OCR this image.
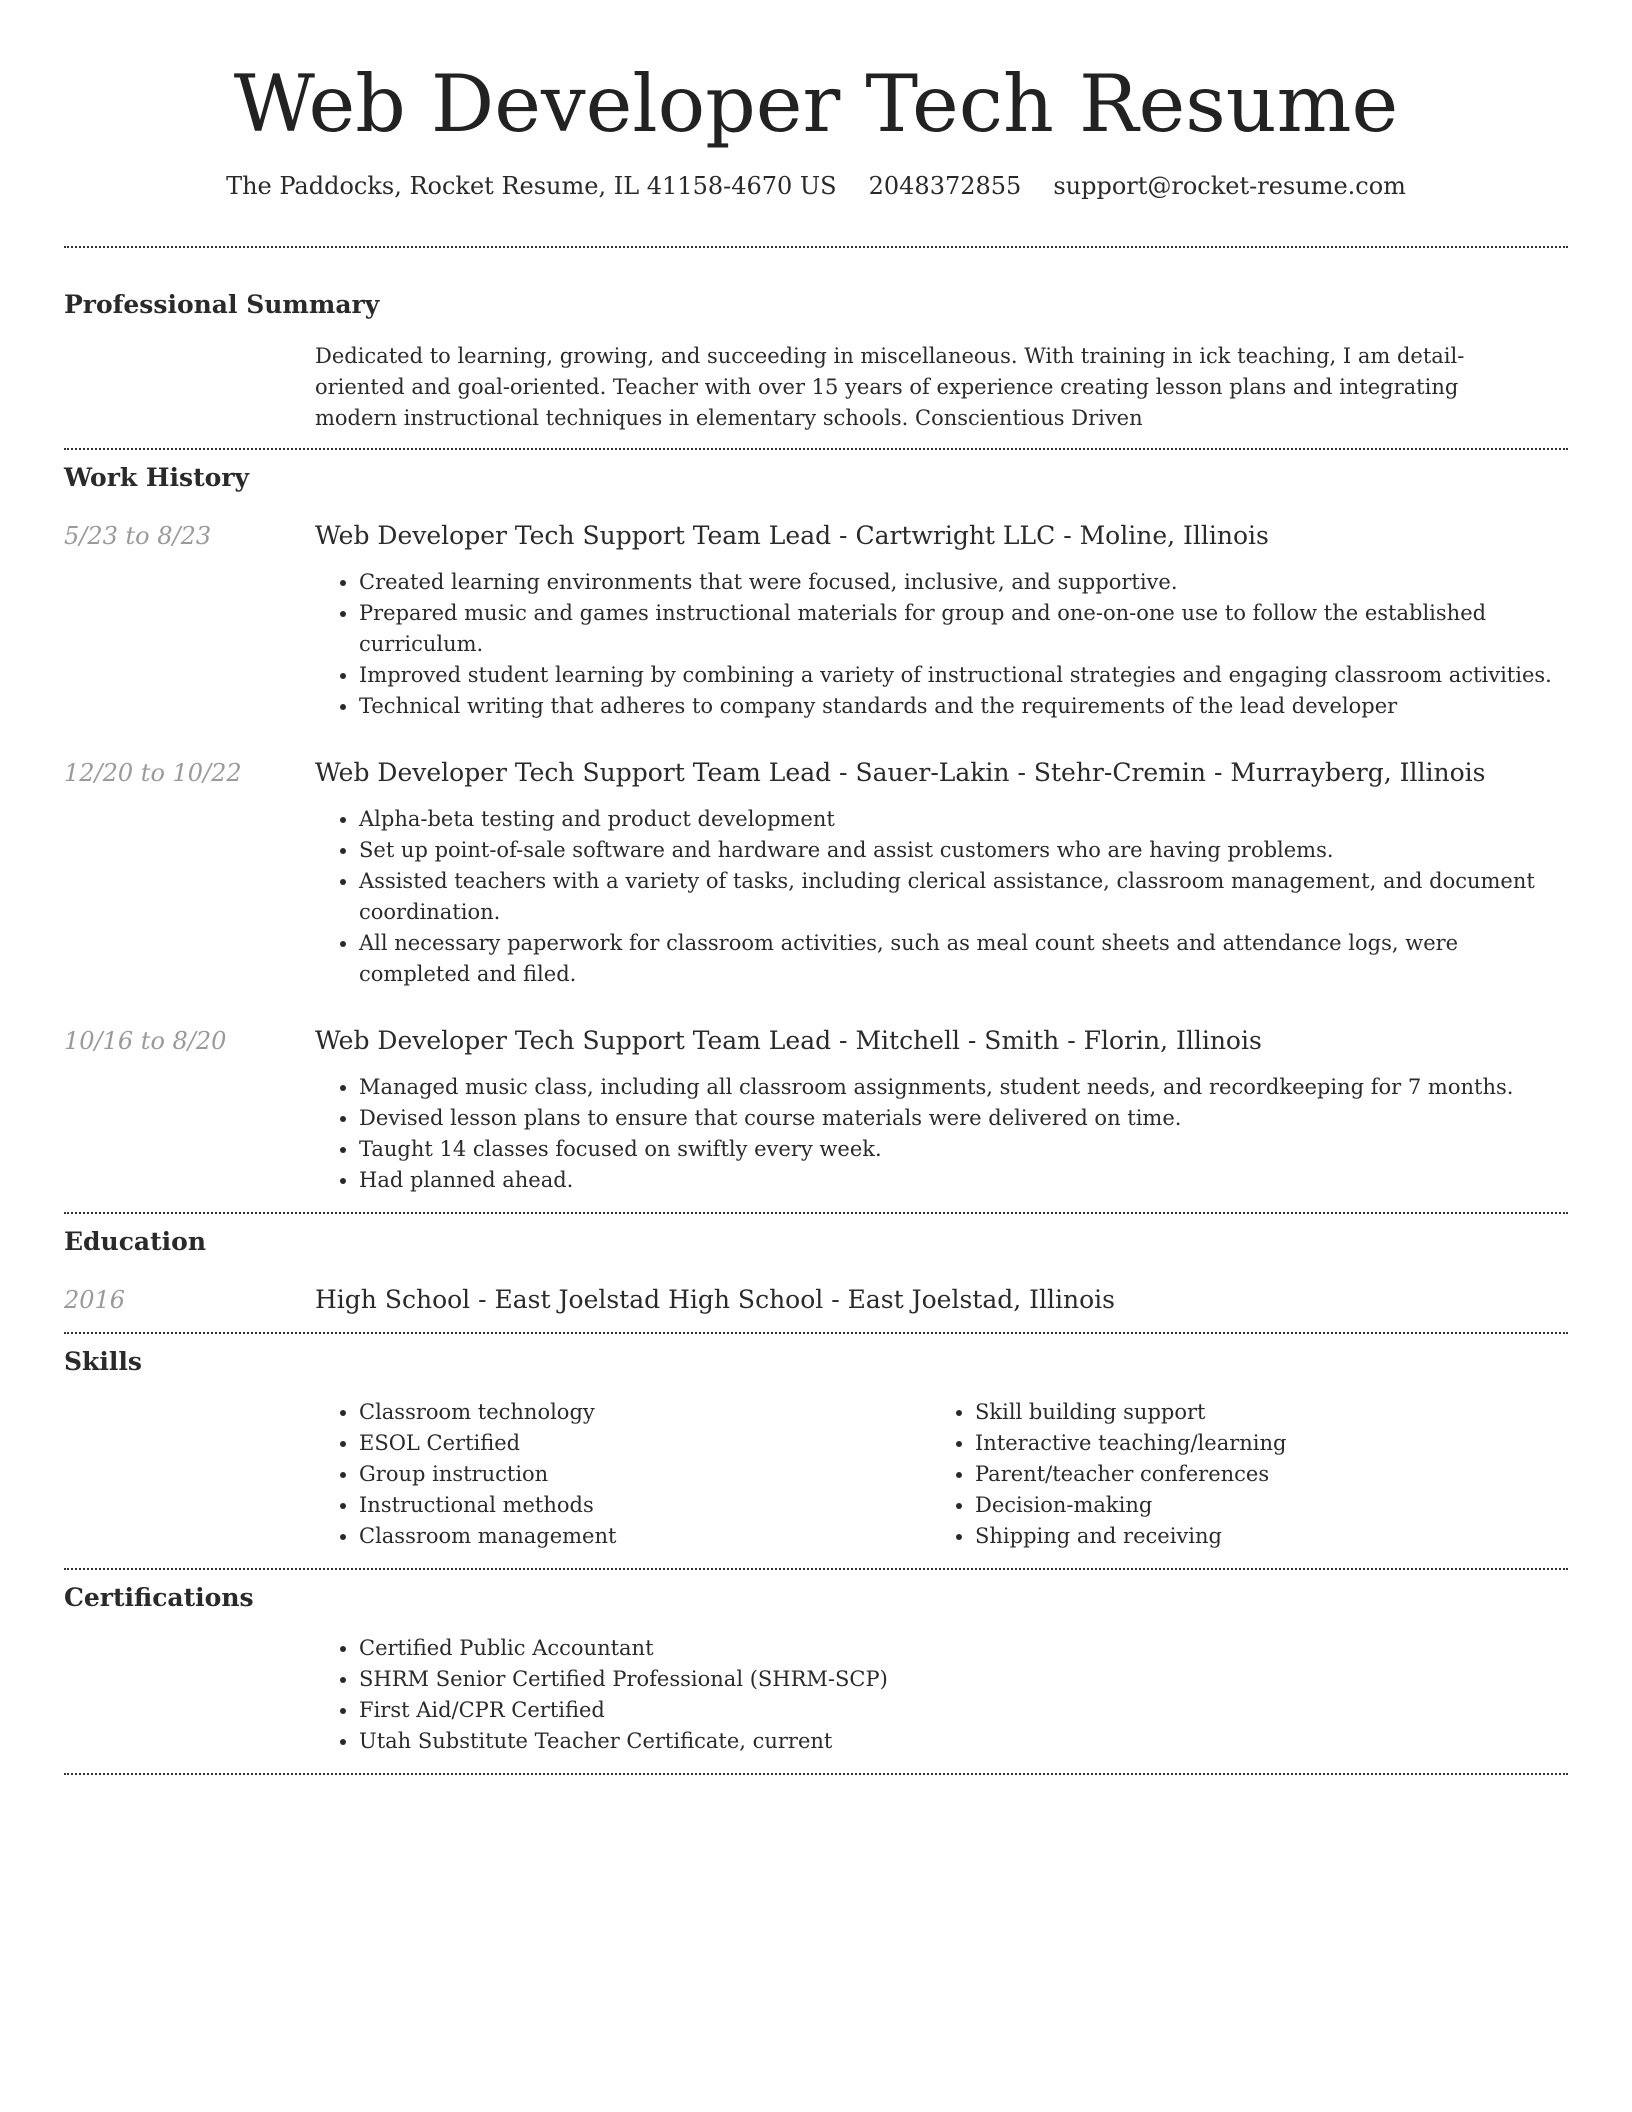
Web Developer Tech Resume
The Paddocks, Rocket Resume, IL 41158-4670 US 2048372855 support@rocket-resume.com
Professional Summary
Dedicated to learning, growing, and succeeding in miscellaneous. With training in ick teaching, I am detail-oriented and goal-oriented. Teacher with over 15 years of experience creating lesson plans and integrating modern instructional techniques in elementary schools. Conscientious Driven
Work History
5/23 to 8/23	Web Developer Tech Support Team Lead - Cartwright LLC - Moline, Illinois
• Created learning environments that were focused, inclusive, and supportive.
• Prepared music and games instructional materials for group and one-on-one use to follow the established curriculum.
• Improved student learning by combining a variety of instructional strategies and engaging classroom activities.
• Technical writing that adheres to company standards and the requirements of the lead developer
12/20 to 10/22	Web Developer Tech Support Team Lead - Sauer-Lakin - Stehr-Cremin - Murrayberg, Illinois
• Alpha-beta testing and product development
• Set up point-of-sale software and hardware and assist customers who are having problems.
• Assisted teachers with a variety of tasks, including clerical assistance, classroom management, and document coordination.
• All necessary paperwork for classroom activities, such as meal count sheets and attendance logs, were completed and filed.
10/16 to 8/20	Web Developer Tech Support Team Lead - Mitchell - Smith - Florin, Illinois
• Managed music class, including all classroom assignments, student needs, and recordkeeping for 7 months.
• Devised lesson plans to ensure that course materials were delivered on time.
• Taught 14 classes focused on swiftly every week.
• Had planned ahead.
Education
2016	High School - East Joelstad High School - East Joelstad, Illinois
Skills
• Classroom technology
• ESOL Certified
• Group instruction
• Instructional methods
• Classroom management
• Skill building support
• Interactive teaching/learning
• Parent/teacher conferences
• Decision-making
• Shipping and receiving
Certifications
• Certified Public Accountant
• SHRM Senior Certified Professional (SHRM-SCP)
• First Aid/CPR Certified
• Utah Substitute Teacher Certificate, current
